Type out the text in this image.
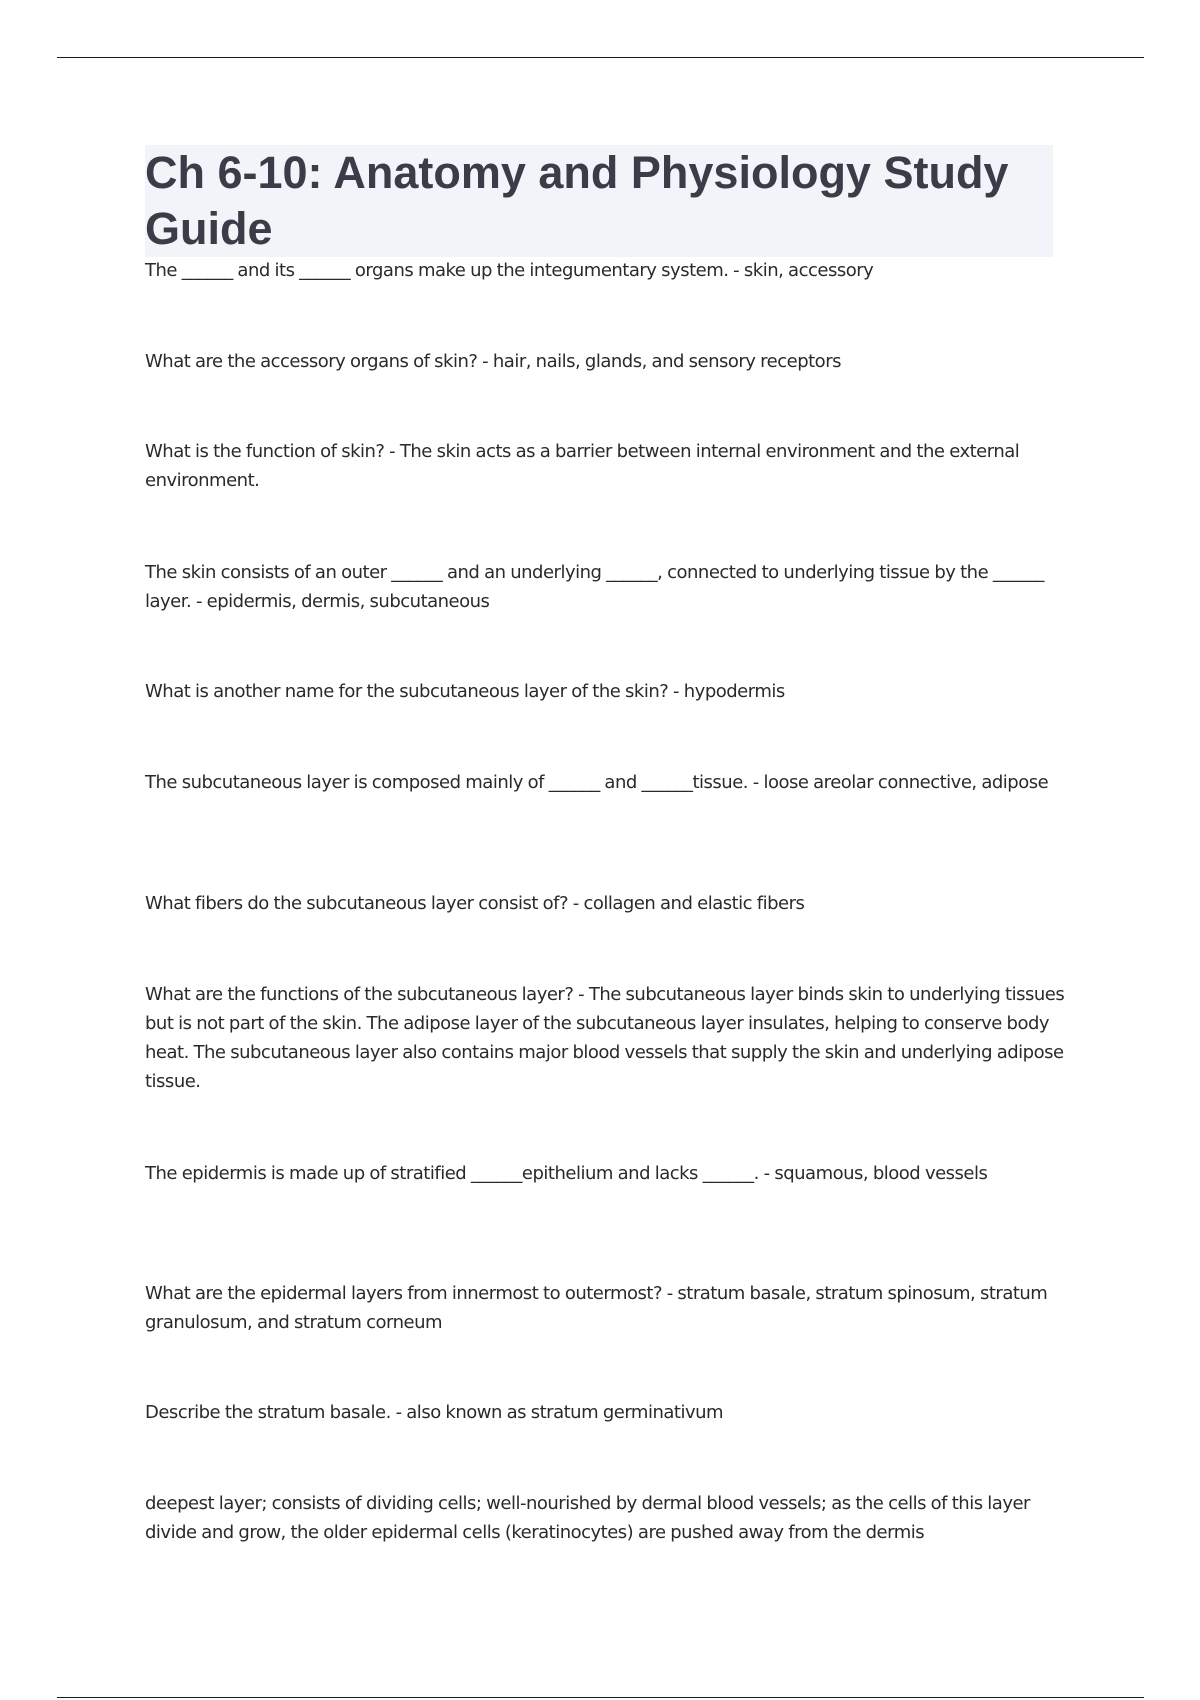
Ch 6-10: Anatomy and Physiology Study Guide

The ______ and its ______ organs make up the integumentary system. - skin, accessory

What are the accessory organs of skin? - hair, nails, glands, and sensory receptors

What is the function of skin? - The skin acts as a barrier between internal environment and the external environment.

The skin consists of an outer ______ and an underlying ______, connected to underlying tissue by the ______ layer. - epidermis, dermis, subcutaneous

What is another name for the subcutaneous layer of the skin? - hypodermis

The subcutaneous layer is composed mainly of ______ and ______tissue. - loose areolar connective, adipose

What fibers do the subcutaneous layer consist of? - collagen and elastic fibers

What are the functions of the subcutaneous layer? - The subcutaneous layer binds skin to underlying tissues but is not part of the skin. The adipose layer of the subcutaneous layer insulates, helping to conserve body heat. The subcutaneous layer also contains major blood vessels that supply the skin and underlying adipose tissue.

The epidermis is made up of stratified ______epithelium and lacks ______. - squamous, blood vessels

What are the epidermal layers from innermost to outermost? - stratum basale, stratum spinosum, stratum granulosum, and stratum corneum

Describe the stratum basale. - also known as stratum germinativum

deepest layer; consists of dividing cells; well-nourished by dermal blood vessels; as the cells of this layer divide and grow, the older epidermal cells (keratinocytes) are pushed away from the dermis
